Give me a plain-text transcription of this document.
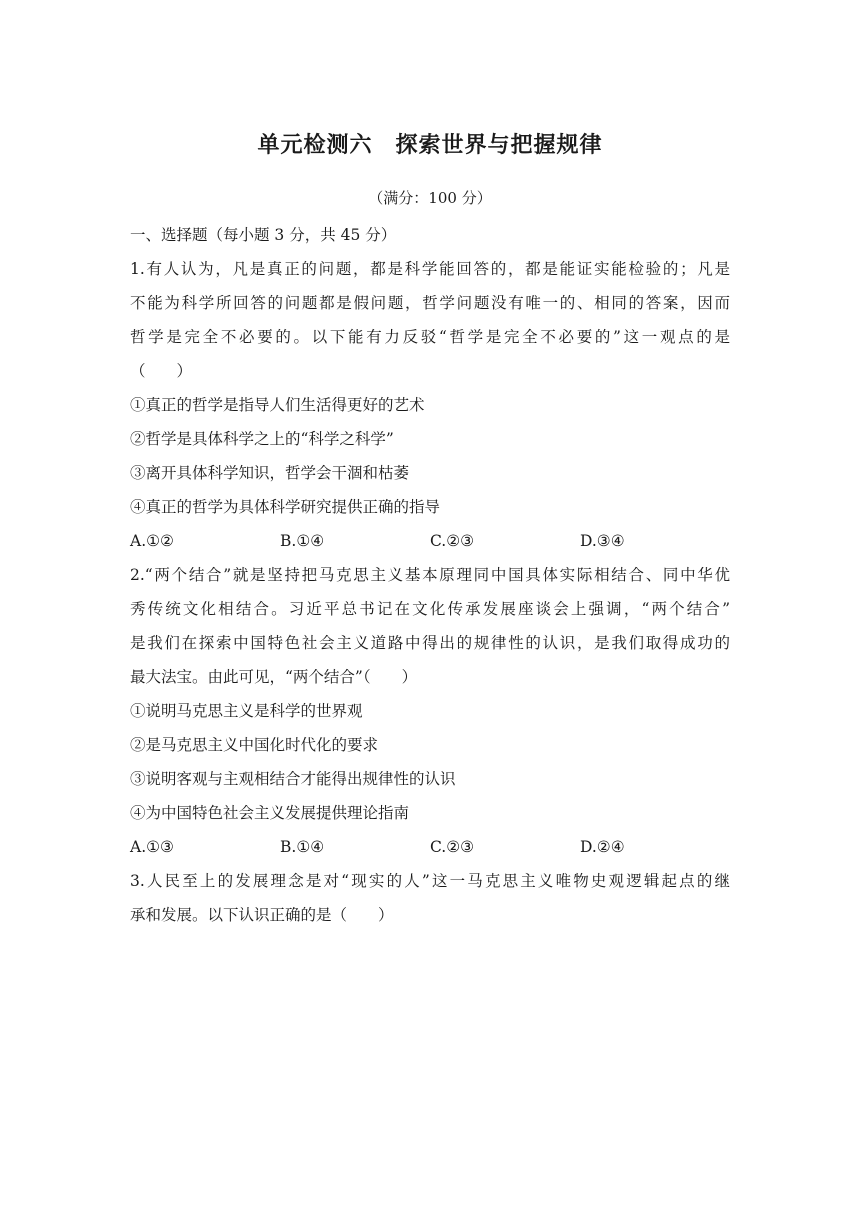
单元检测六　探索世界与把握规律
（满分：100 分）
一、选择题（每小题 3 分，共 45 分）
1.有人认为，凡是真正的问题，都是科学能回答的，都是能证实能检验的；凡是
不能为科学所回答的问题都是假问题，哲学问题没有唯一的、相同的答案，因而
哲学是完全不必要的。以下能有力反驳“哲学是完全不必要的”这一观点的是
（　　）
①真正的哲学是指导人们生活得更好的艺术
②哲学是具体科学之上的“科学之科学”
③离开具体科学知识，哲学会干涸和枯萎
④真正的哲学为具体科学研究提供正确的指导
A.①②	B.①④	C.②③	D.③④
2.“两个结合”就是坚持把马克思主义基本原理同中国具体实际相结合、同中华优
秀传统文化相结合。习近平总书记在文化传承发展座谈会上强调，“两个结合”
是我们在探索中国特色社会主义道路中得出的规律性的认识，是我们取得成功的
最大法宝。由此可见，“两个结合”（　　）
①说明马克思主义是科学的世界观
②是马克思主义中国化时代化的要求
③说明客观与主观相结合才能得出规律性的认识
④为中国特色社会主义发展提供理论指南
A.①③	B.①④	C.②③	D.②④
3.人民至上的发展理念是对“现实的人”这一马克思主义唯物史观逻辑起点的继
承和发展。以下认识正确的是（　　）
